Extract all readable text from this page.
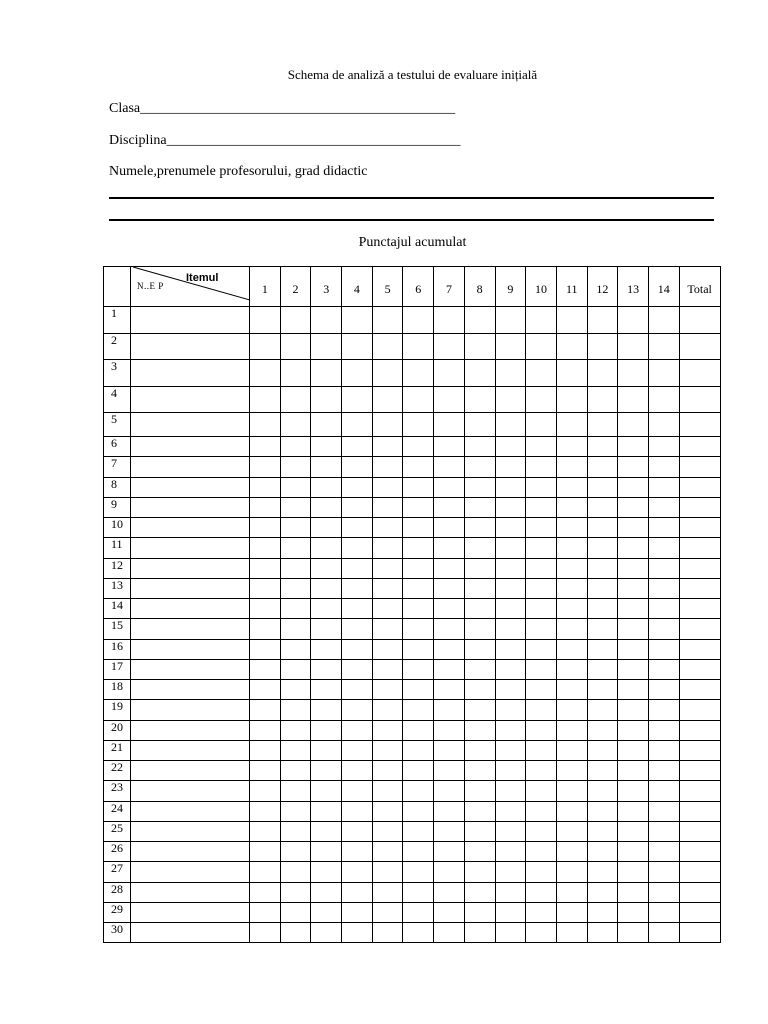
Schema de analiză a testului de evaluare inițială
Clasa_____________________________________________
Disciplina__________________________________________
Numele,prenumele profesorului, grad didactic
Punctajul acumulat

	Itemul
N..E P	1	2	3	4	5	6	7	8	9	10	11	12	13	14	Total
1																
2																
3																
4																
5																
6																
7																
8																
9																
10																
11																
12																
13																
14																
15																
16																
17																
18																
19																
20																
21																
22																
23																
24																
25																
26																
27																
28																
29																
30																
